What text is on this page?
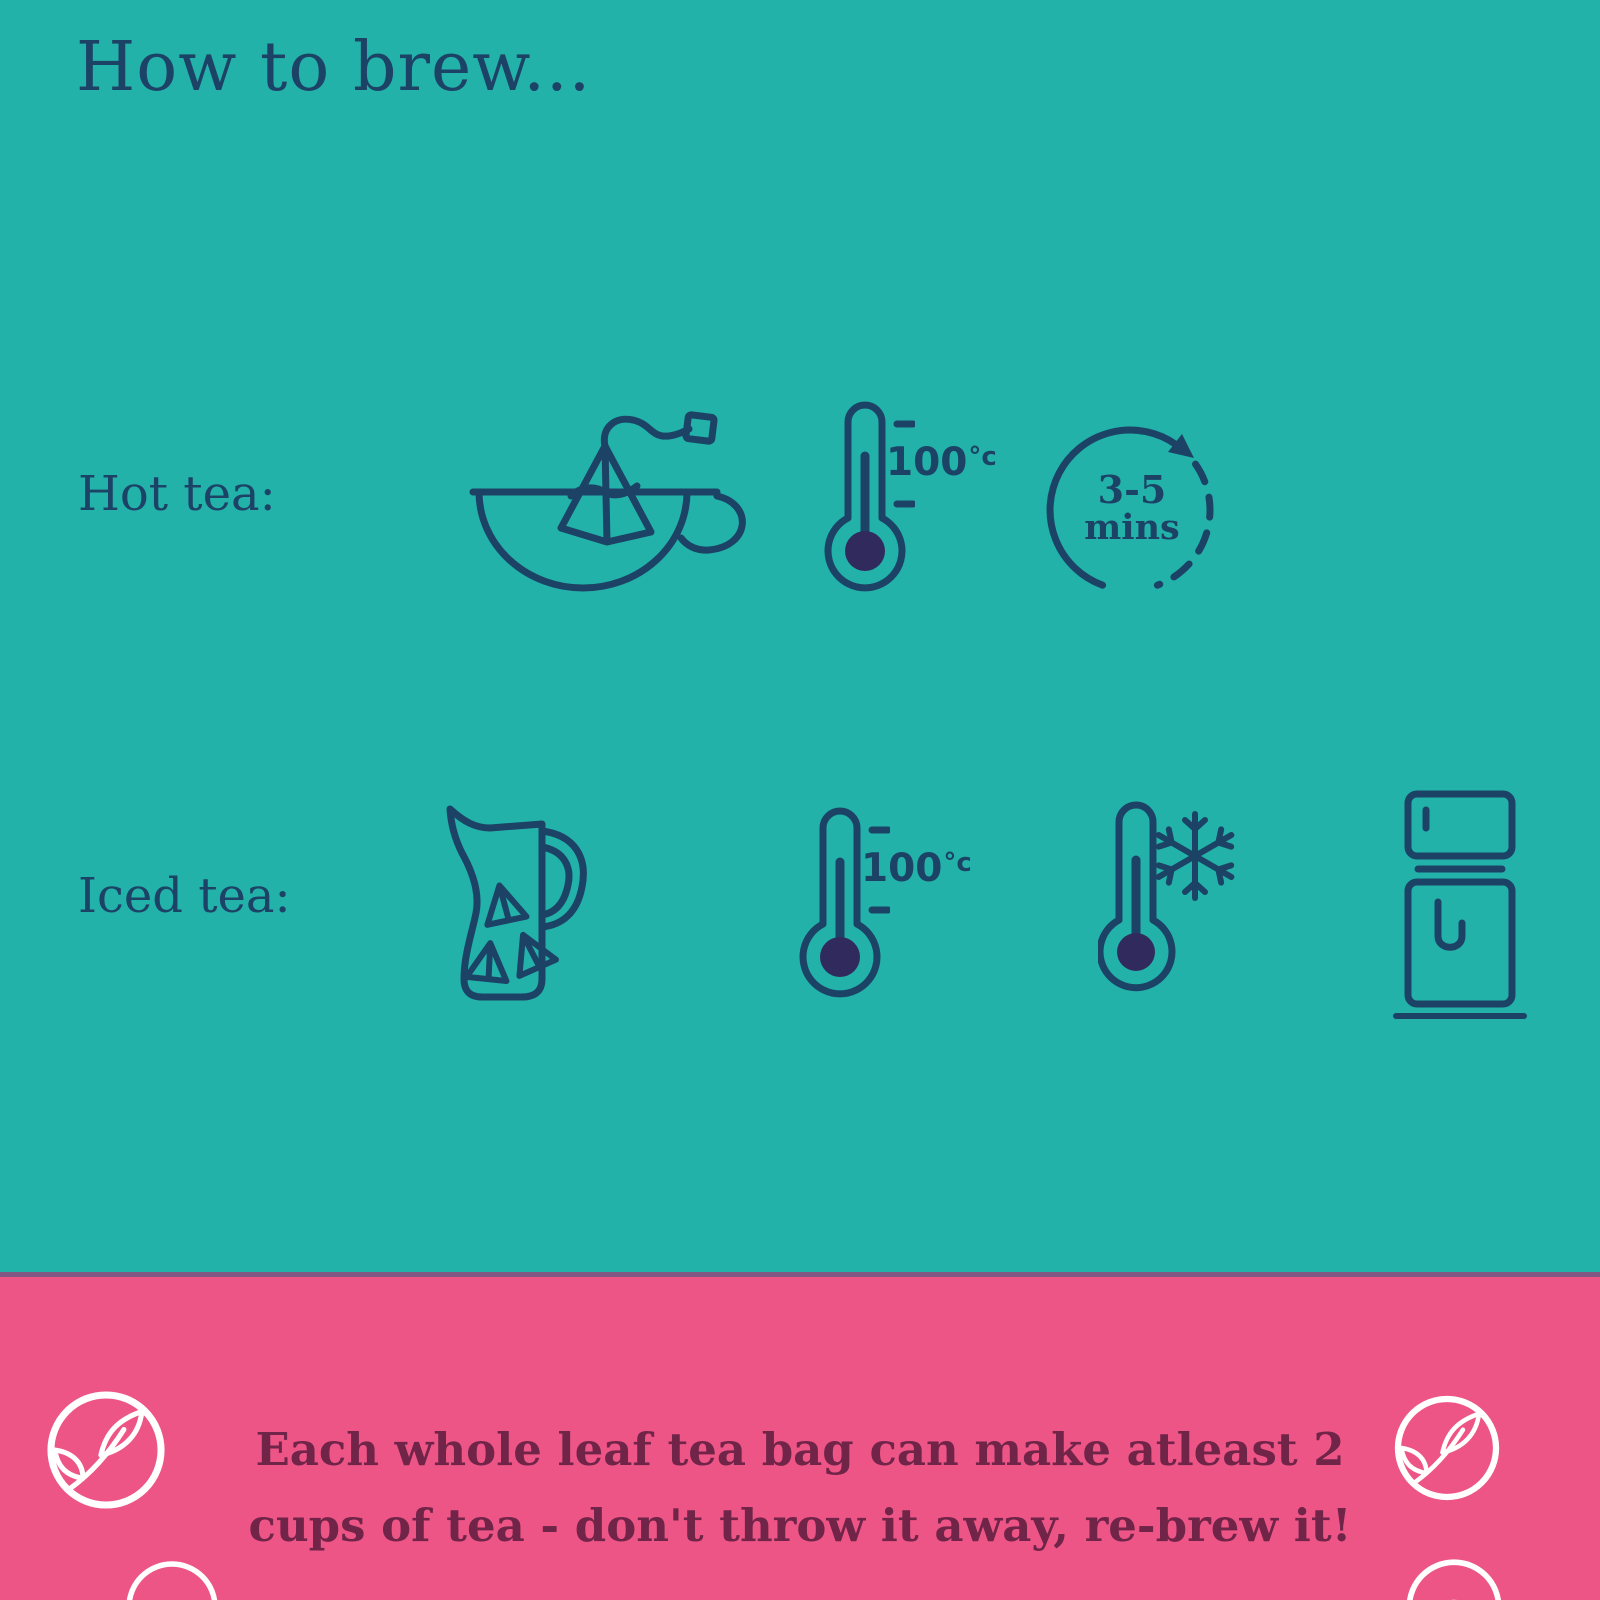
How to brew...
Hot tea:
$100^{^\circ c}$
3-5
mins
Iced tea:	$100^{^\circ c}$
Each whole leaf tea bag can make atleast 2
cups of tea - don't throw it away, re-brew it!
